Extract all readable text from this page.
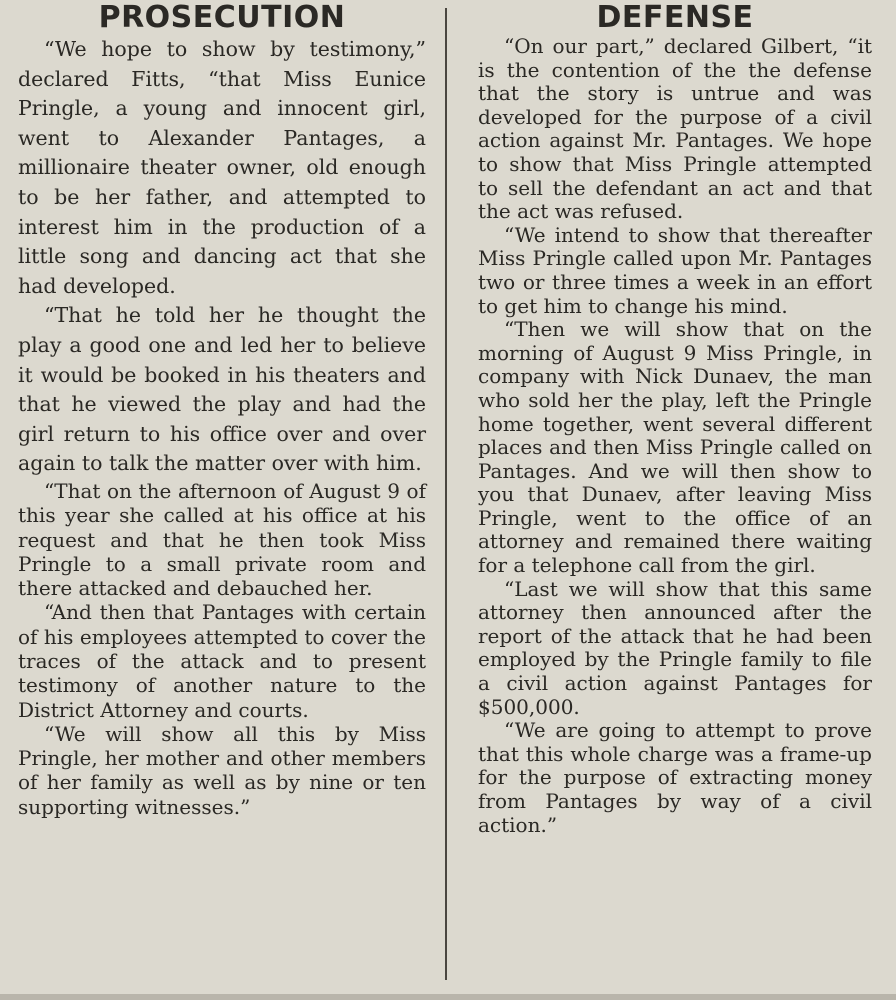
PROSECUTION

“We hope to show by testimony,” declared Fitts, “that Miss Eunice Pringle, a young and innocent girl, went to Alexander Pantages, a millionaire theater owner, old enough to be her father, and attempted to interest him in the production of a little song and dancing act that she had developed.

“That he told her he thought the play a good one and led her to believe it would be booked in his theaters and that he viewed the play and had the girl return to his office over and over again to talk the matter over with him.

“That on the afternoon of August 9 of this year she called at his office at his request and that he then took Miss Pringle to a small private room and there attacked and debauched her.

“And then that Pantages with certain of his employees attempted to cover the traces of the attack and to present testimony of another nature to the District Attorney and courts.

“We will show all this by Miss Pringle, her mother and other members of her family as well as by nine or ten supporting witnesses.”

DEFENSE

“On our part,” declared Gilbert, “it is the contention of the the defense that the story is untrue and was developed for the purpose of a civil action against Mr. Pantages. We hope to show that Miss Pringle attempted to sell the defendant an act and that the act was refused.

“We intend to show that thereafter Miss Pringle called upon Mr. Pantages two or three times a week in an effort to get him to change his mind.

“Then we will show that on the morning of August 9 Miss Pringle, in company with Nick Dunaev, the man who sold her the play, left the Pringle home together, went several different places and then Miss Pringle called on Pantages. And we will then show to you that Dunaev, after leaving Miss Pringle, went to the office of an attorney and remained there waiting for a telephone call from the girl.

“Last we will show that this same attorney then announced after the report of the attack that he had been employed by the Pringle family to file a civil action against Pantages for $500,000.

“We are going to attempt to prove that this whole charge was a frame-up for the purpose of extracting money from Pantages by way of a civil action.”
